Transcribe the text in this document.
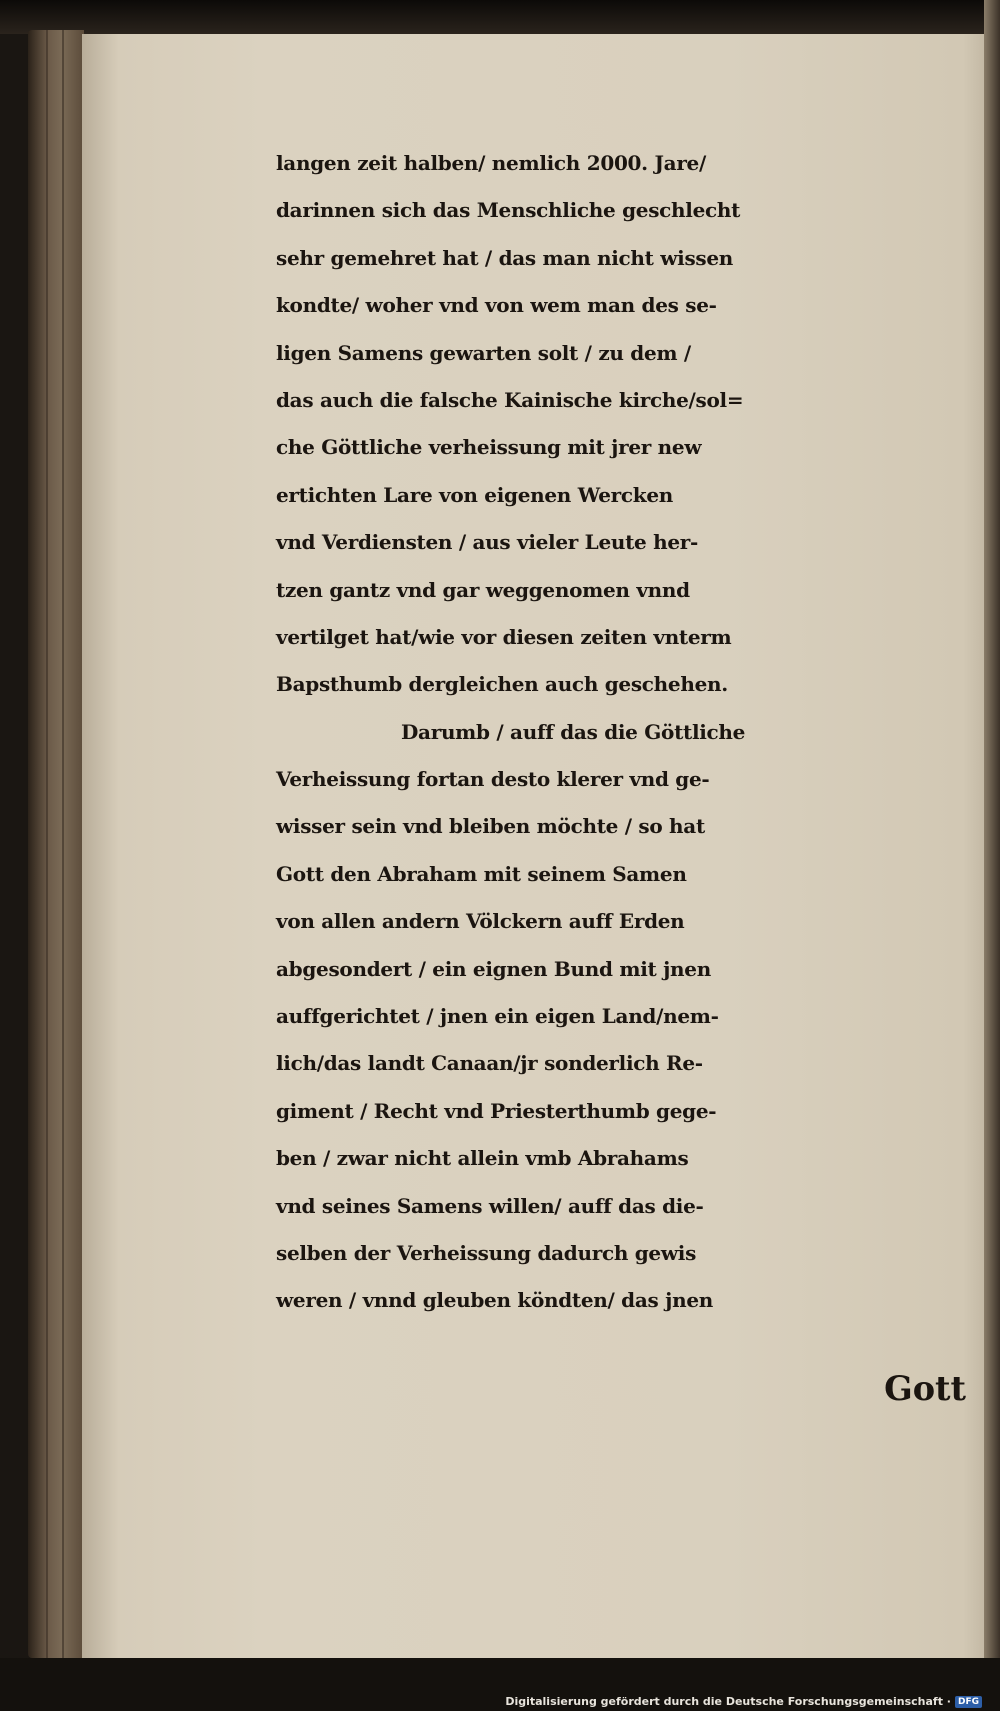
langen zeit halben/ nemlich 2000. Jare/
darinnen sich das Menschliche geschlecht
sehr gemehret hat / das man nicht wissen
kondte/ woher vnd von wem man des se-
ligen Samens gewarten solt / zu dem /
das auch die falsche Kainische kirche/sol=
che Göttliche verheissung mit jrer new
ertichten Lare von eigenen Wercken
vnd Verdiensten / aus vieler Leute her-
tzen gantz vnd gar weggenomen vnnd
vertilget hat/wie vor diesen zeiten vnterm
Bapsthumb dergleichen auch geschehen.
Darumb / auff das die Göttliche
Verheissung fortan desto klerer vnd ge-
wisser sein vnd bleiben möchte / so hat
Gott den Abraham mit seinem Samen
von allen andern Völckern auff Erden
abgesondert / ein eignen Bund mit jnen
auffgerichtet / jnen ein eigen Land/nem-
lich/das landt Canaan/jr sonderlich Re-
giment / Recht vnd Priesterthumb gege-
ben / zwar nicht allein vmb Abrahams
vnd seines Samens willen/ auff das die-
selben der Verheissung dadurch gewis
weren / vnnd gleuben köndten/ das jnen
Gott
Digitalisierung gefördert durch die Deutsche Forschungsgemeinschaft · DFG
